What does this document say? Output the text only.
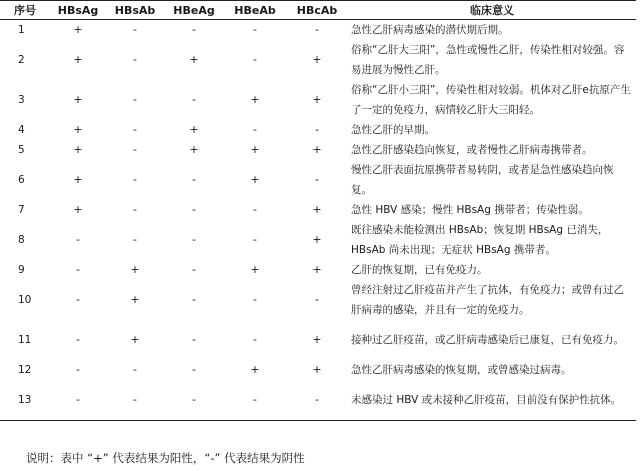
序号	HBsAg	HBsAb	HBeAg	HBeAb	HBcAb	临床意义
1	+	-	-	-	-	急性乙肝病毒感染的潜伏期后期。
2	+	-	+	-	+	俗称“乙肝大三阳”，急性或慢性乙肝，传染性相对较强。容易进展为慢性乙肝。
3	+	-	-	+	+	俗称“乙肝小三阳”，传染性相对较弱。机体对乙肝e抗原产生了一定的免疫力，病情较乙肝大三阳轻。
4	+	-	+	-	-	急性乙肝的早期。
5	+	-	+	+	+	急性乙肝感染趋向恢复，或者慢性乙肝病毒携带者。
6	+	-	-	+	-	慢性乙肝表面抗原携带者易转阴，或者是急性感染趋向恢复。
7	+	-	-	-	+	急性 HBV 感染；慢性 HBsAg 携带者；传染性弱。
8	-	-	-	-	+	既往感染未能检测出 HBsAb；恢复期 HBsAg 已消失，HBsAb 尚未出现；无症状 HBsAg 携带者。
9	-	+	-	+	+	乙肝的恢复期，已有免疫力。
10	-	+	-	-	-	曾经注射过乙肝疫苗并产生了抗体，有免疫力；或曾有过乙肝病毒的感染，并且有一定的免疫力。
11	-	+	-	-	+	接种过乙肝疫苗，或乙肝病毒感染后已康复，已有免疫力。
12	-	-	-	+	+	急性乙肝病毒感染的恢复期，或曾感染过病毒。
13	-	-	-	-	-	未感染过 HBV 或未接种乙肝疫苗，目前没有保护性抗体。
说明：表中 “+” 代表结果为阳性，“-” 代表结果为阴性
